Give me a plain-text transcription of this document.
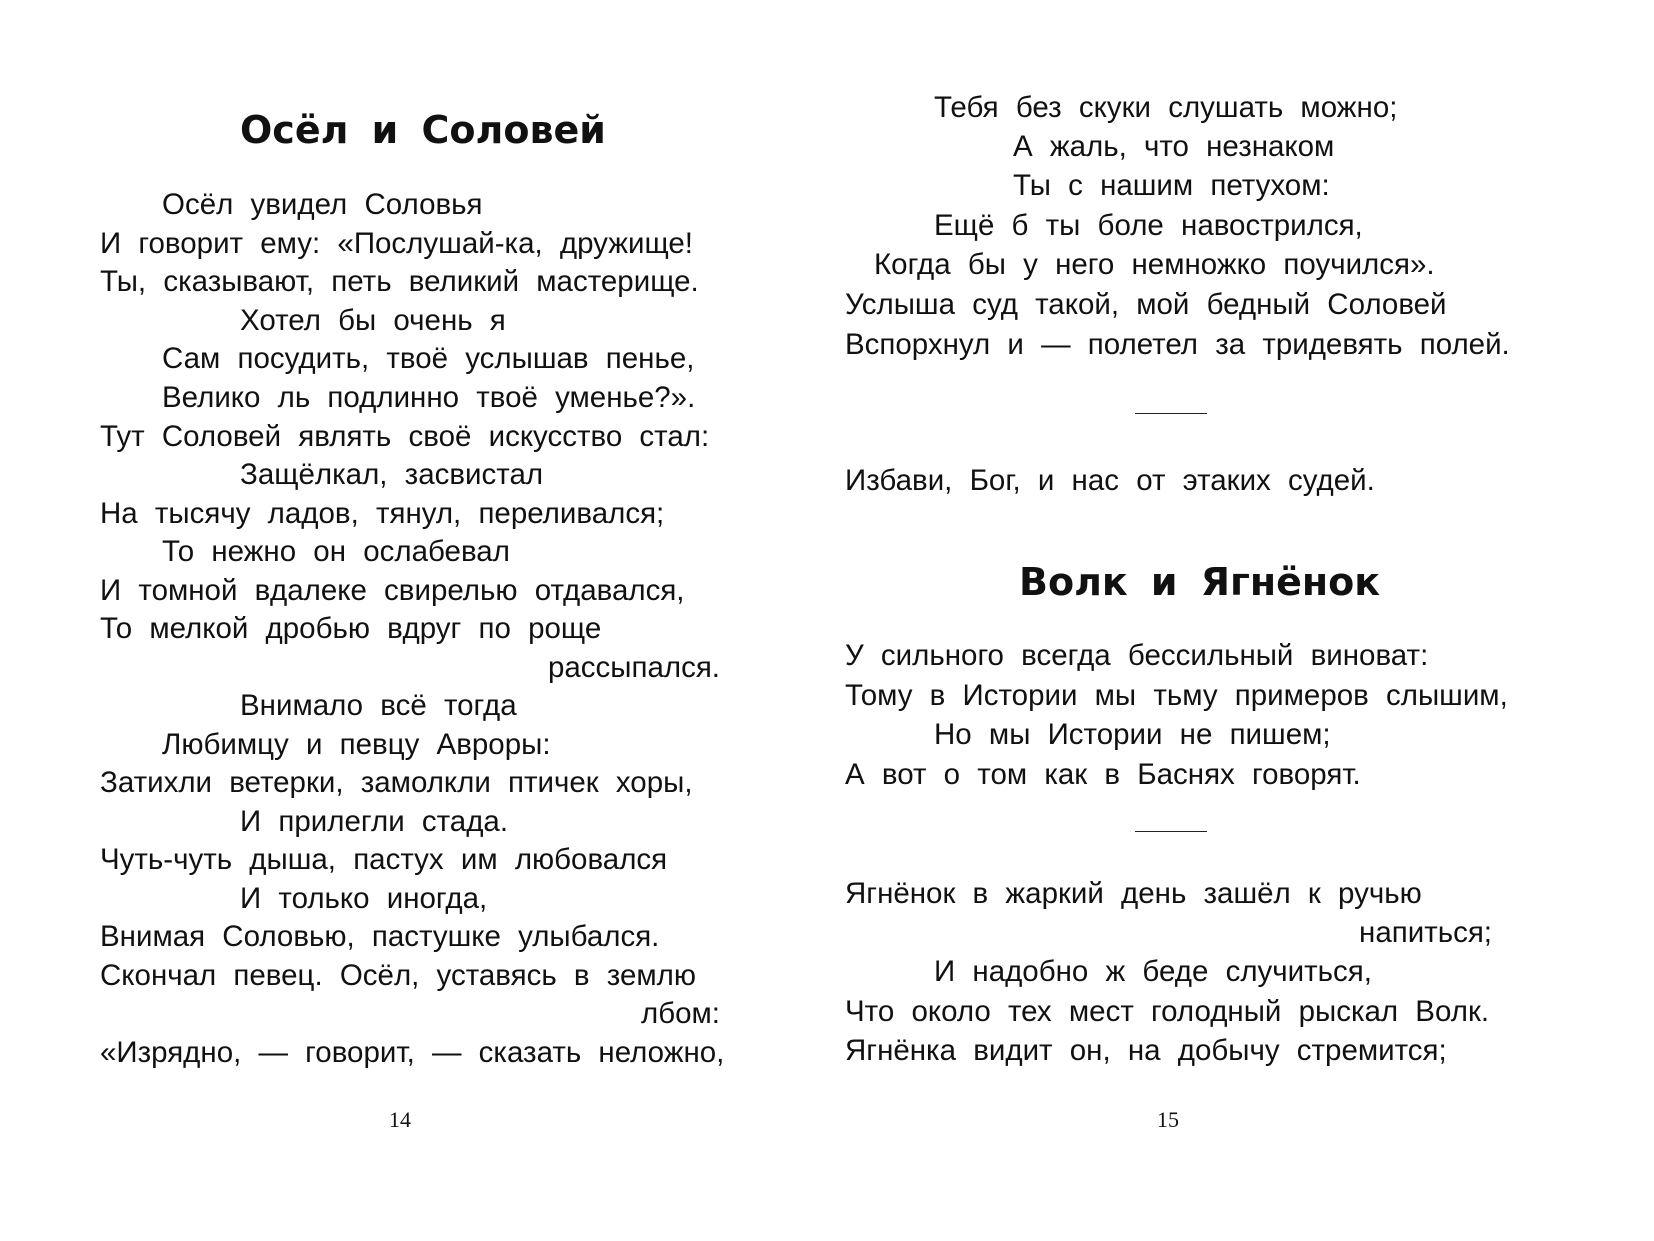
Осёл и Соловей
Осёл увидел Соловья
И говорит ему: «Послушай-ка, дружище!
Ты, сказывают, петь великий мастерище.
Хотел бы очень я
Сам посудить, твоё услышав пенье,
Велико ль подлинно твоё уменье?».
Тут Соловей являть своё искусство стал:
Защёлкал, засвистал
На тысячу ладов, тянул, переливался;
То нежно он ослабевал
И томной вдалеке свирелью отдавался,
То мелкой дробью вдруг по роще
рассыпался.
Внимало всё тогда
Любимцу и певцу Авроры:
Затихли ветерки, замолкли птичек хоры,
И прилегли стада.
Чуть-чуть дыша, пастух им любовался
И только иногда,
Внимая Соловью, пастушке улыбался.
Скончал певец. Осёл, уставясь в землю
лбом:
«Изрядно, — говорит, — сказать неложно,
14
Тебя без скуки слушать можно;
А жаль, что незнаком
Ты с нашим петухом:
Ещё б ты боле навострился,
Когда бы у него немножко поучился».
Услыша суд такой, мой бедный Соловей
Вспорхнул и — полетел за тридевять полей.
Избави, Бог, и нас от этаких судей.
Волк и Ягнёнок
У сильного всегда бессильный виноват:
Тому в Истории мы тьму примеров слышим,
Но мы Истории не пишем;
А вот о том как в Баснях говорят.
Ягнёнок в жаркий день зашёл к ручью
напиться;
И надобно ж беде случиться,
Что около тех мест голодный рыскал Волк.
Ягнёнка видит он, на добычу стремится;
15
